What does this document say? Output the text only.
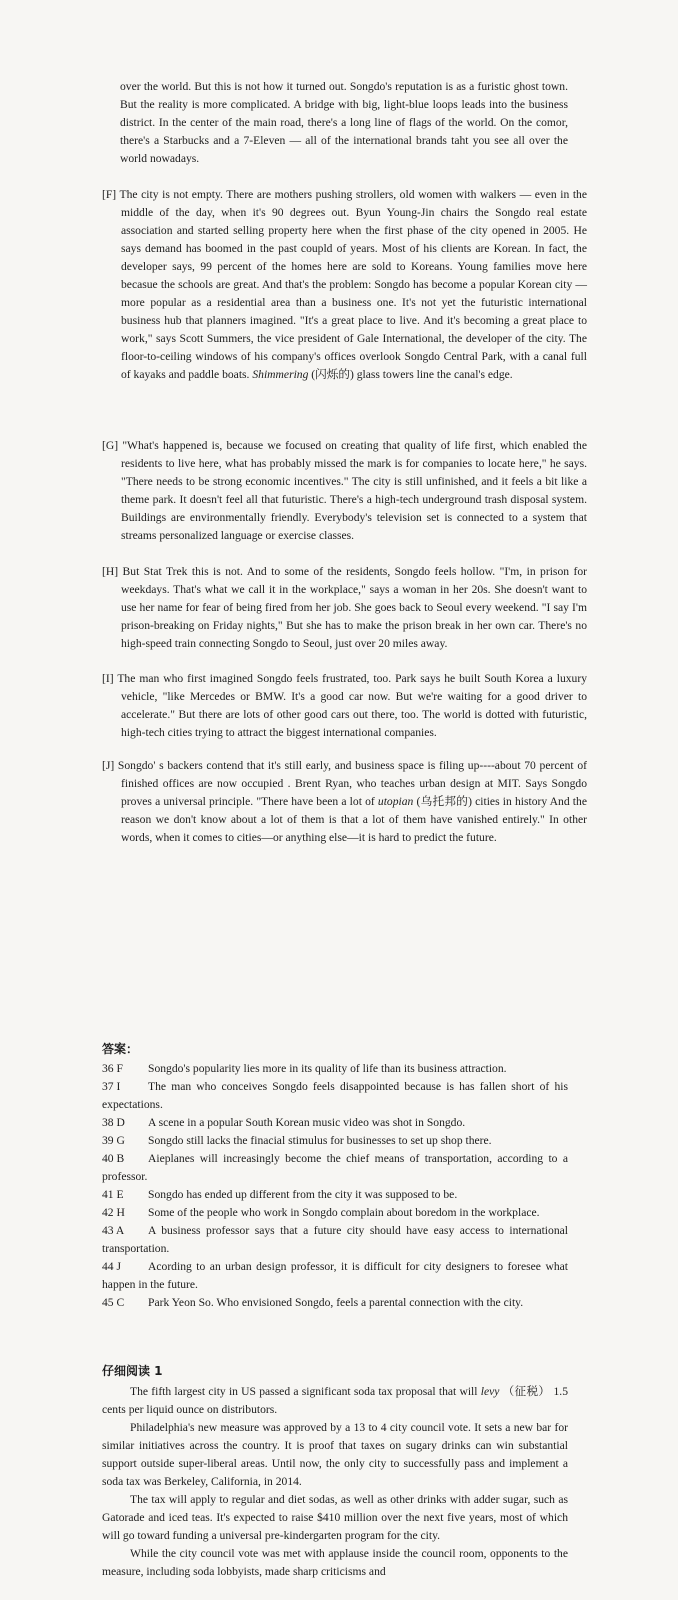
over the world. But this is not how it turned out. Songdo's reputation is as a furistic ghost town. But the reality is more complicated. A bridge with big, light-blue loops leads into the business district. In the center of the main road, there's a long line of flags of the world. On the comor, there's a Starbucks and a 7-Eleven — all of the international brands taht you see all over the world nowadays.
[F] The city is not empty. There are mothers pushing strollers, old women with walkers — even in the middle of the day, when it's 90 degrees out. Byun Young-Jin chairs the Songdo real estate association and started selling property here when the first phase of the city opened in 2005. He says demand has boomed in the past coupld of years. Most of his clients are Korean. In fact, the developer says, 99 percent of the homes here are sold to Koreans. Young families move here becasue the schools are great. And that's the problem: Songdo has become a popular Korean city — more popular as a residential area than a business one. It's not yet the futuristic international business hub that planners imagined. "It's a great place to live. And it's becoming a great place to work," says Scott Summers, the vice president of Gale International, the developer of the city. The floor-to-ceiling windows of his company's offices overlook Songdo Central Park, with a canal full of kayaks and paddle boats. Shimmering (闪烁的) glass towers line the canal's edge.
[G] "What's happened is, because we focused on creating that quality of life first, which enabled the residents to live here, what has probably missed the mark is for companies to locate here," he says. "There needs to be strong economic incentives." The city is still unfinished, and it feels a bit like a theme park. It doesn't feel all that futuristic. There's a high-tech underground trash disposal system. Buildings are environmentally friendly. Everybody's television set is connected to a system that streams personalized language or exercise classes.
[H] But Stat Trek this is not. And to some of the residents, Songdo feels hollow. "I'm, in prison for weekdays. That's what we call it in the workplace," says a woman in her 20s. She doesn't want to use her name for fear of being fired from her job. She goes back to Seoul every weekend. "I say I'm prison-breaking on Friday nights," But she has to make the prison break in her own car. There's no high-speed train connecting Songdo to Seoul, just over 20 miles away.
[I] The man who first imagined Songdo feels frustrated, too. Park says he built South Korea a luxury vehicle, "like Mercedes or BMW. It's a good car now. But we're waiting for a good driver to accelerate." But there are lots of other good cars out there, too. The world is dotted with futuristic, high-tech cities trying to attract the biggest international companies.
[J] Songdo' s backers contend that it's still early, and business space is filing up----about 70 percent of finished offices are now occupied . Brent Ryan, who teaches urban design at MIT. Says Songdo proves a universal principle. "There have been a lot of utopian (乌托邦的) cities in history And the reason we don't know about a lot of them is that a lot of them have vanished entirely." In other words, when it comes to cities—or anything else—it is hard to predict the future.
答案：
36 F Songdo's popularity lies more in its quality of life than its business attraction.
37 I The man who conceives Songdo feels disappointed because is has fallen short of his expectations.
38 D A scene in a popular South Korean music video was shot in Songdo.
39 G Songdo still lacks the finacial stimulus for businesses to set up shop there.
40 B Aieplanes will increasingly become the chief means of transportation, according to a professor.
41 E Songdo has ended up different from the city it was supposed to be.
42 H Some of the people who work in Songdo complain about boredom in the workplace.
43 A A business professor says that a future city should have easy access to international transportation.
44 J Acording to an urban design professor, it is difficult for city designers to foresee what happen in the future.
45 C Park Yeon So. Who envisioned Songdo, feels a parental connection with the city.
仔细阅读 1

The fifth largest city in US passed a significant soda tax proposal that will levy （征税） 1.5 cents per liquid ounce on distributors.

Philadelphia's new measure was approved by a 13 to 4 city council vote. It sets a new bar for similar initiatives across the country. It is proof that taxes on sugary drinks can win substantial support outside super-liberal areas. Until now, the only city to successfully pass and implement a soda tax was Berkeley, California, in 2014.

The tax will apply to regular and diet sodas, as well as other drinks with adder sugar, such as Gatorade and iced teas. It's expected to raise $410 million over the next five years, most of which will go toward funding a universal pre-kindergarten program for the city.

While the city council vote was met with applause inside the council room, opponents to the measure, including soda lobbyists, made sharp criticisms and
